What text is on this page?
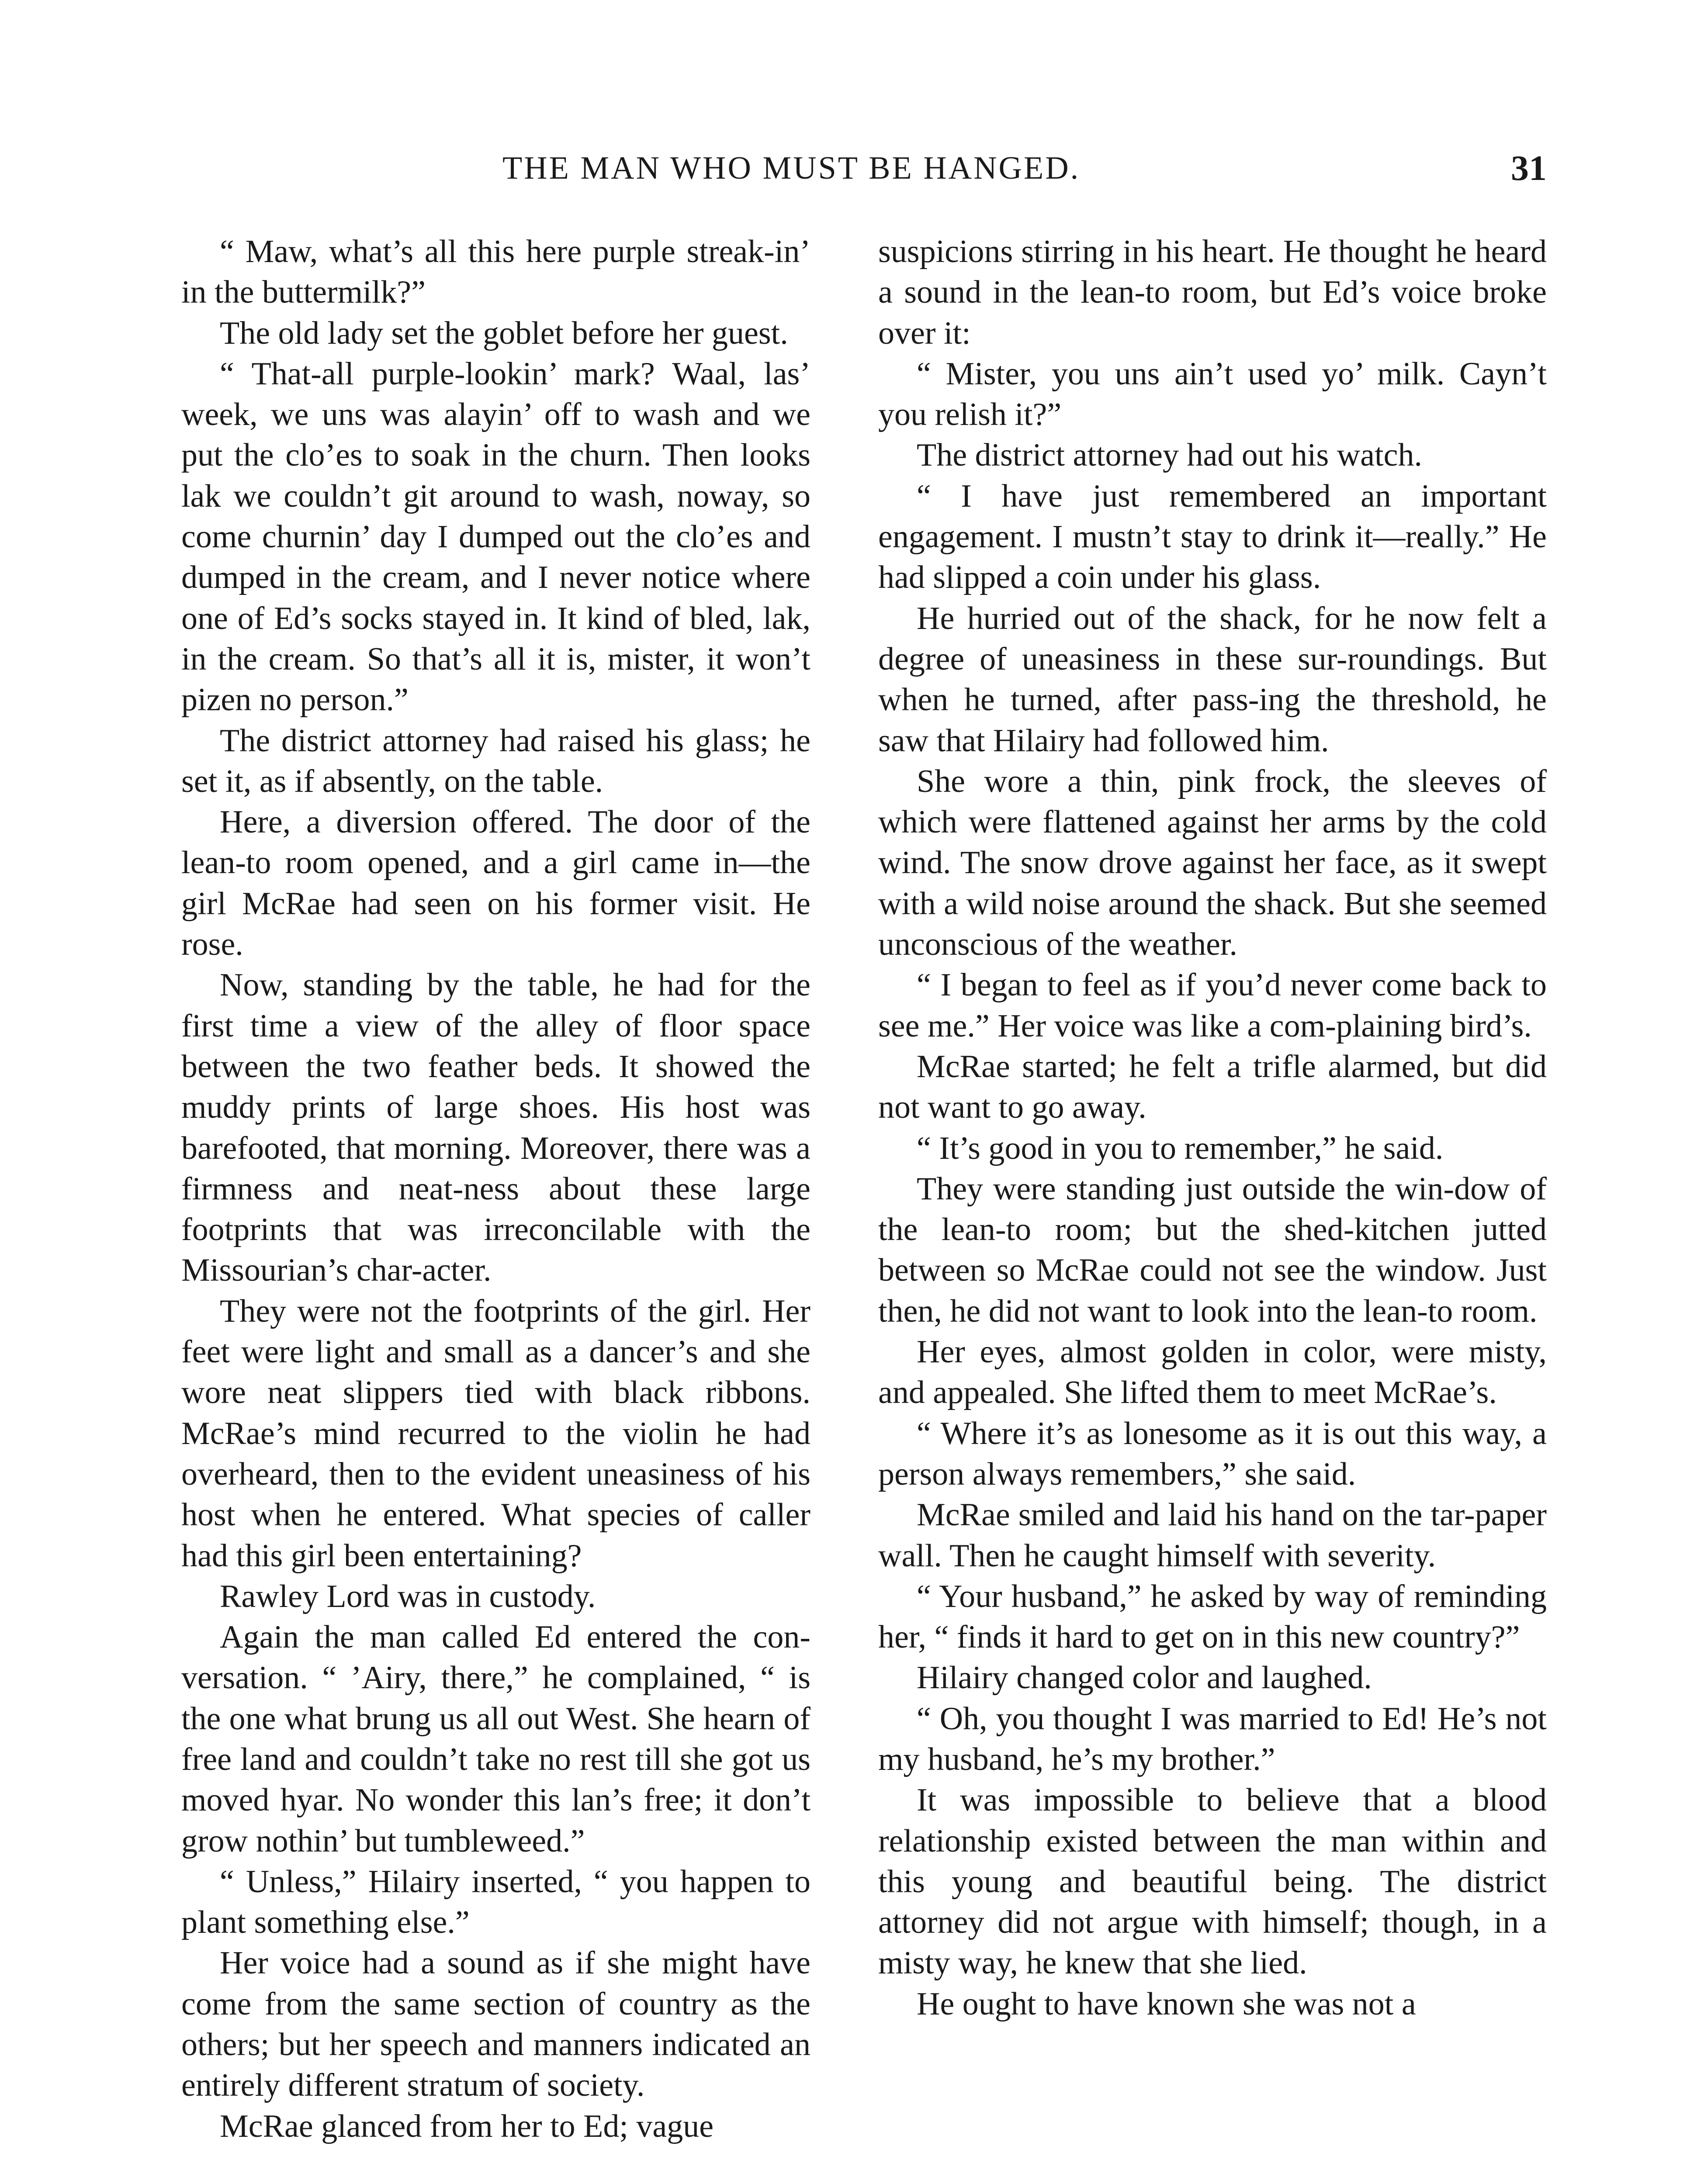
THE MAN WHO MUST BE HANGED.	31

“ Maw, what’s all this here purple streak-in’ in the buttermilk?”

The old lady set the goblet before her guest.

“ That-all purple-lookin’ mark? Waal, las’ week, we uns was alayin’ off to wash and we put the clo’es to soak in the churn. Then looks lak we couldn’t git around to wash, noway, so come churnin’ day I dumped out the clo’es and dumped in the cream, and I never notice where one of Ed’s socks stayed in. It kind of bled, lak, in the cream. So that’s all it is, mister, it won’t pizen no person.”

The district attorney had raised his glass; he set it, as if absently, on the table.

Here, a diversion offered. The door of the lean-to room opened, and a girl came in—the girl McRae had seen on his former visit. He rose.

Now, standing by the table, he had for the first time a view of the alley of floor space between the two feather beds. It showed the muddy prints of large shoes. His host was barefooted, that morning. Moreover, there was a firmness and neat-ness about these large footprints that was irreconcilable with the Missourian’s char-acter.

They were not the footprints of the girl. Her feet were light and small as a dancer’s and she wore neat slippers tied with black ribbons. McRae’s mind recurred to the violin he had overheard, then to the evident uneasiness of his host when he entered. What species of caller had this girl been entertaining?

Rawley Lord was in custody.

Again the man called Ed entered the con-versation. “ ’Airy, there,” he complained, “ is the one what brung us all out West. She hearn of free land and couldn’t take no rest till she got us moved hyar. No wonder this lan’s free; it don’t grow nothin’ but tumbleweed.”

“ Unless,” Hilairy inserted, “ you happen to plant something else.”

Her voice had a sound as if she might have come from the same section of country as the others; but her speech and manners indicated an entirely different stratum of society.

McRae glanced from her to Ed; vague

suspicions stirring in his heart. He thought he heard a sound in the lean-to room, but Ed’s voice broke over it:

“ Mister, you uns ain’t used yo’ milk. Cayn’t you relish it?”

The district attorney had out his watch.

“ I have just remembered an important engagement. I mustn’t stay to drink it—really.” He had slipped a coin under his glass.

He hurried out of the shack, for he now felt a degree of uneasiness in these sur-roundings. But when he turned, after pass-ing the threshold, he saw that Hilairy had followed him.

She wore a thin, pink frock, the sleeves of which were flattened against her arms by the cold wind. The snow drove against her face, as it swept with a wild noise around the shack. But she seemed unconscious of the weather.

“ I began to feel as if you’d never come back to see me.” Her voice was like a com-plaining bird’s.

McRae started; he felt a trifle alarmed, but did not want to go away.

“ It’s good in you to remember,” he said.

They were standing just outside the win-dow of the lean-to room; but the shed-kitchen jutted between so McRae could not see the window. Just then, he did not want to look into the lean-to room.

Her eyes, almost golden in color, were misty, and appealed. She lifted them to meet McRae’s.

“ Where it’s as lonesome as it is out this way, a person always remembers,” she said.

McRae smiled and laid his hand on the tar-paper wall. Then he caught himself with severity.

“ Your husband,” he asked by way of reminding her, “ finds it hard to get on in this new country?”

Hilairy changed color and laughed.

“ Oh, you thought I was married to Ed! He’s not my husband, he’s my brother.”

It was impossible to believe that a blood relationship existed between the man within and this young and beautiful being. The district attorney did not argue with himself; though, in a misty way, he knew that she lied.

He ought to have known she was not a
